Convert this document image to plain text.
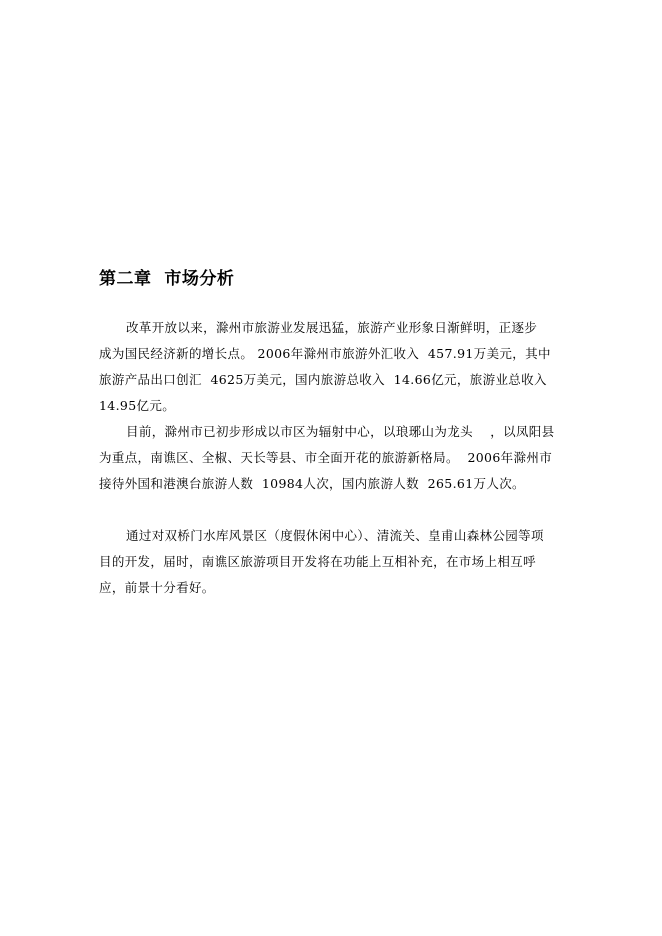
第二章  市场分析

改革开放以来，滁州市旅游业发展迅猛，旅游产业形象日渐鲜明，正逐步

成为国民经济新的增长点。 2006年滁州市旅游外汇收入  457.91万美元，其中

旅游产品出口创汇  4625万美元，国内旅游总收入  14.66亿元，旅游业总收入

14.95亿元。

目前，滁州市已初步形成以市区为辐射中心，以琅琊山为龙头    ，以凤阳县

为重点，南谯区、全椒、天长等县、市全面开花的旅游新格局。  2006年滁州市

接待外国和港澳台旅游人数  10984人次，国内旅游人数  265.61万人次。

通过对双桥门水库风景区（度假休闲中心）、清流关、皇甫山森林公园等项

目的开发，届时，南谯区旅游项目开发将在功能上互相补充，在市场上相互呼

应，前景十分看好。
